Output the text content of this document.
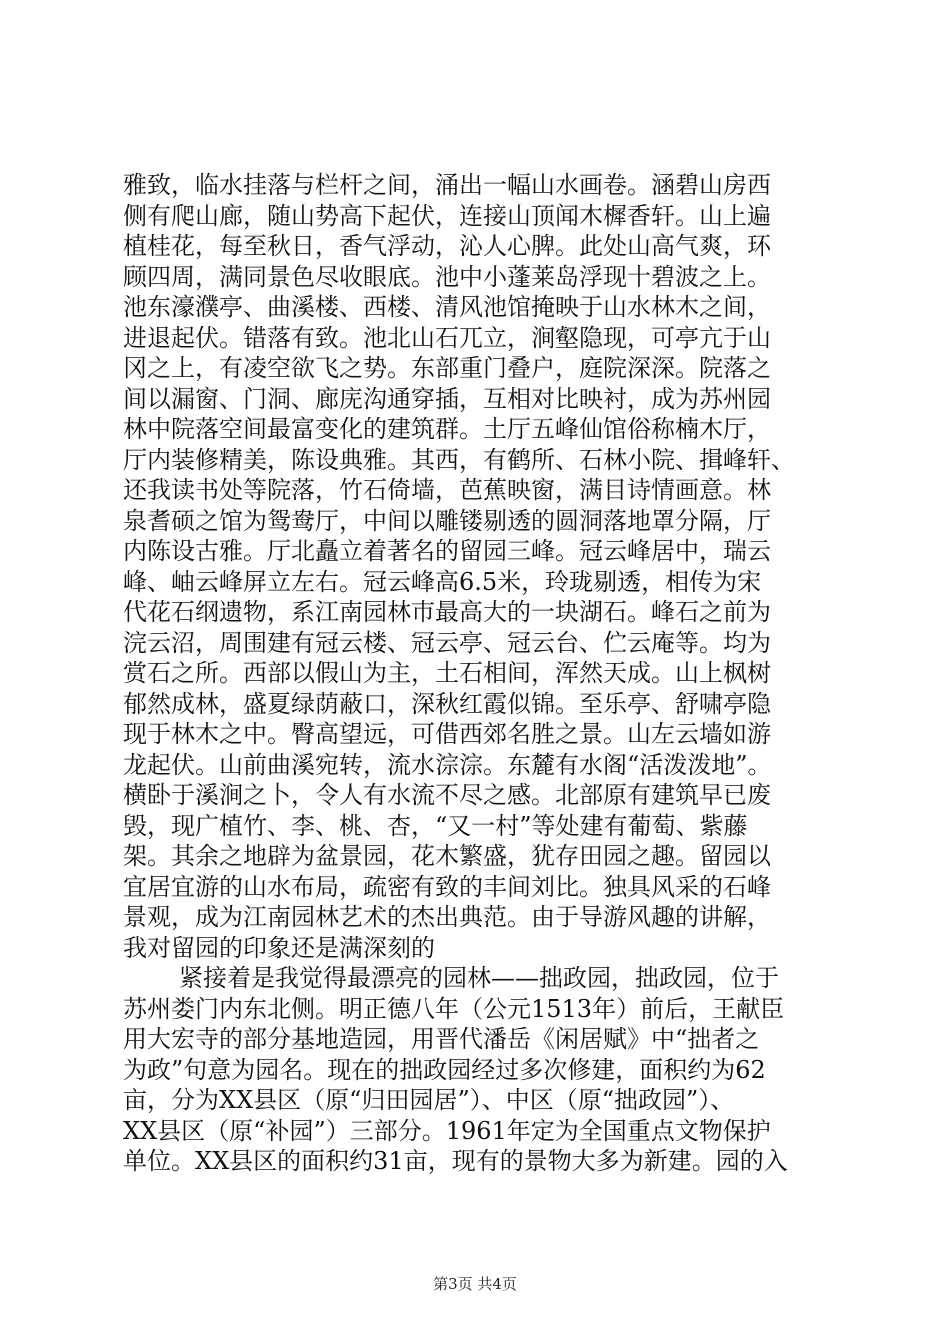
雅致，临水挂落与栏杆之间，涌出一幅山水画卷。涵碧山房西
侧有爬山廊，随山势高下起伏，连接山顶闻木樨香轩。山上遍
植桂花，每至秋日，香气浮动，沁人心脾。此处山高气爽，环
顾四周，满同景色尽收眼底。池中小蓬莱岛浮现十碧波之上。
池东濠濮亭、曲溪楼、西楼、清风池馆掩映于山水林木之间，
进退起伏。错落有致。池北山石兀立，涧壑隐现，可亭亢于山
冈之上，有凌空欲飞之势。东部重门叠户，庭院深深。院落之
间以漏窗、门洞、廊庑沟通穿插，互相对比映衬，成为苏州园
林中院落空间最富变化的建筑群。土厅五峰仙馆俗称楠木厅，
厅内装修精美，陈设典雅。其西，有鹤所、石林小院、揖峰轩、
还我读书处等院落，竹石倚墙，芭蕉映窗，满目诗情画意。林
泉耆硕之馆为鸳鸯厅，中间以雕镂剔透的圆洞落地罩分隔，厅
内陈设古雅。厅北矗立着著名的留园三峰。冠云峰居中，瑞云
峰、岫云峰屏立左右。冠云峰高6.5米，玲珑剔透，相传为宋
代花石纲遗物，系江南园林巿最高大的一块湖石。峰石之前为
浣云沼，周围建有冠云楼、冠云亭、冠云台、伫云庵等。均为
赏石之所。西部以假山为主，土石相间，浑然天成。山上枫树
郁然成林，盛夏绿荫蔽口，深秋红霞似锦。至乐亭、舒啸亭隐
现于林木之中。臀高望远，可借西郊名胜之景。山左云墙如游
龙起伏。山前曲溪宛转，流水淙淙。东麓有水阁“活泼泼地”。
横卧于溪涧之卜，令人有水流不尽之感。北部原有建筑早已废
毁，现广植竹、李、桃、杏，“又一村”等处建有葡萄、紫藤
架。其余之地辟为盆景园，花木繁盛，犹存田园之趣。留园以
宜居宜游的山水布局，疏密有致的丰间刘比。独具风采的石峰
景观，成为江南园林艺术的杰出典范。由于导游风趣的讲解，
我对留园的印象还是满深刻的
紧接着是我觉得最漂亮的园林——拙政园，拙政园，位于
苏州娄门内东北侧。明正德八年（公元1513年）前后，王献臣
用大宏寺的部分基地造园，用晋代潘岳《闲居赋》中“拙者之
为政”句意为园名。现在的拙政园经过多次修建，面积约为62
亩，分为XX县区（原“归田园居”）、中区（原“拙政园”）、
XX县区（原“补园”）三部分。1961年定为全国重点文物保护
单位。XX县区的面积约31亩，现有的景物大多为新建。园的入
第3页 共4页
